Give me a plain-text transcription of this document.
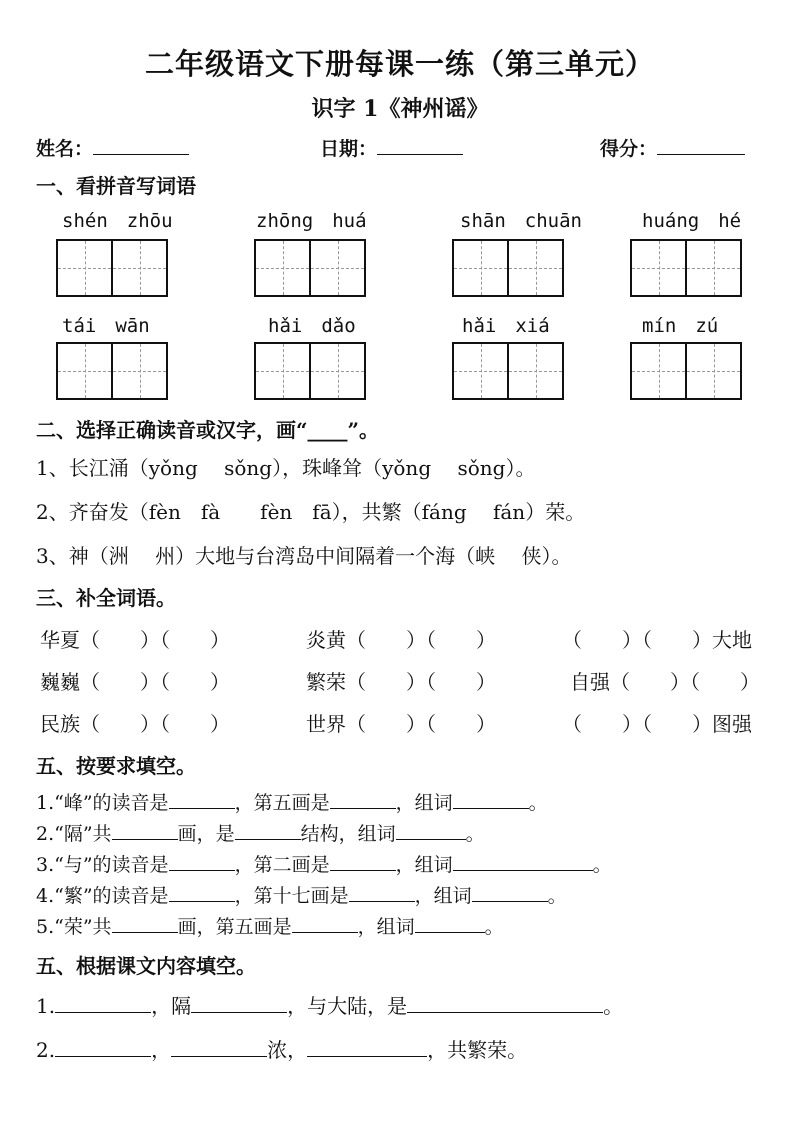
二年级语文下册每课一练（第三单元）
识字 1《神州谣》
姓名：	日期：	得分：
一、看拼音写词语
shén　 zhōu	zhōng　 huá	shān　 chuān	huáng　 hé
tái　 wān	hǎi　 dǎo	hǎi　 xiá	mín　 zú
二、选择正确读音或汉字，画“____”。
1、长江涌（yǒng　 sǒng），珠峰耸（yǒng　 sǒng）。
2、齐奋发（fèn　fà　　fèn　fā），共繁（fáng　 fán）荣。
3、神（洲　 州）大地与台湾岛中间隔着一个海（峡　 侠）。
三、补全词语。
华夏（　　）（　　）	炎黄（　　）（　　）	（　　）（　　）大地
巍巍（　　）（　　）	繁荣（　　）（　　）	自强（　　）（　　）
民族（　　）（　　）	世界（　　）（　　）	（　　）（　　）图强
五、按要求填空。
1.“峰”的读音是	，第五画是	，组词	。
2.“隔”共	画，是	结构，组词	。
3.“与”的读音是	，第二画是	，组词	。
4.“繁”的读音是	，第十七画是	，组词	。
5.“荣”共	画，第五画是	，组词	。
五、根据课文内容填空。
1.	，隔	，与大陆，是	。
2.	，	浓，	，共繁荣。
